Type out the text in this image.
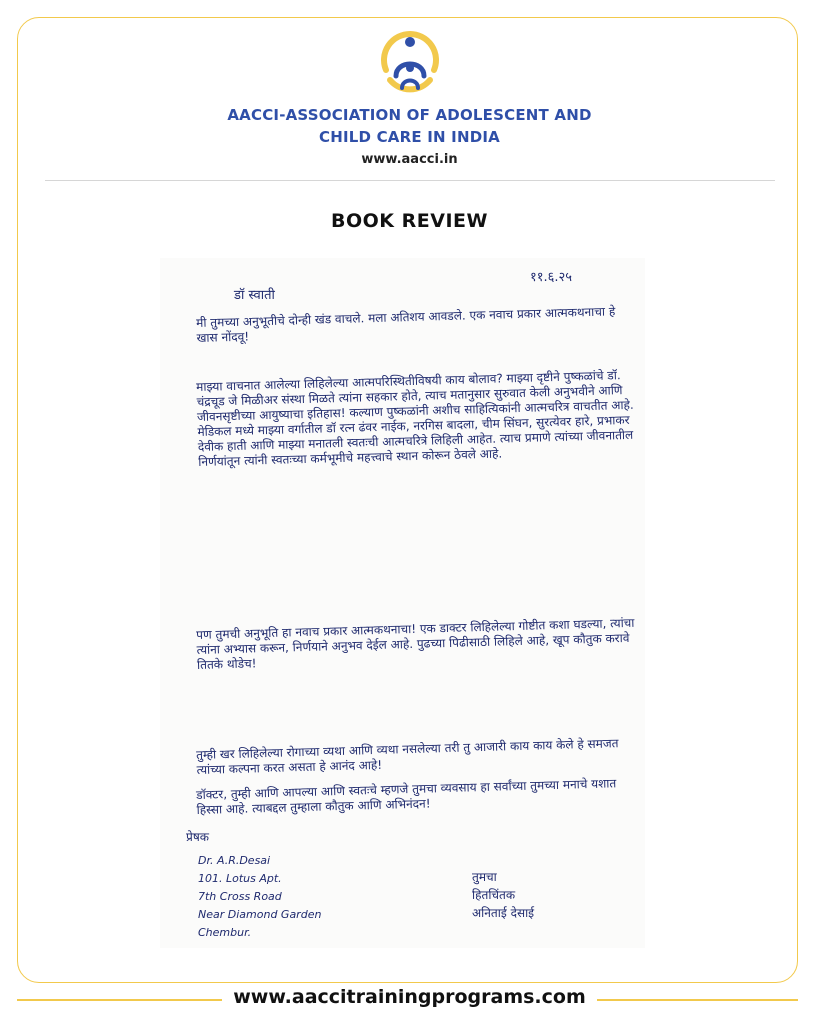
AACCI-ASSOCIATION OF ADOLESCENT AND
CHILD CARE IN INDIA
www.aacci.in
BOOK REVIEW
११.६.२५
डॉ स्वाती
मी तुमच्या अनुभूतीचे दोन्ही खंड वाचले. मला अतिशय आवडले. एक नवाच प्रकार आत्मकथनाचा हे खास नोंदवू!
माझ्या वाचनात आलेल्या लिहिलेल्या आत्मपरिस्थितीविषयी काय बोलाव? माझ्या दृष्टीने पुष्कळांचे डॉ. चंद्रचूड जे मिळीअर संस्था मिळते त्यांना सहकार होते, त्याच मतानुसार सुरुवात केली अनुभवीने आणि जीवनसृष्टीच्या आयुष्याचा इतिहास! कल्याण पुष्कळांनी अशीच साहित्यिकांनी आत्मचरित्र वाचतीत आहे. मेडिकल मध्ये माझ्या वर्गातील डॉ रत्न ढंवर नाईक, नरगिस बादला, चीम सिंघन, सुरत्येवर हारे, प्रभाकर देवीक हाती आणि माझ्या मनातली स्वतःची आत्मचरित्रे लिहिली आहेत. त्याच प्रमाणे त्यांच्या जीवनातील निर्णयांतून त्यांनी स्वतःच्या कर्मभूमीचे महत्त्वाचे स्थान कोरून ठेवले आहे.
पण तुमची अनुभूति हा नवाच प्रकार आत्मकथनाचा! एक डाक्टर लिहिलेल्या गोष्टीत कशा घडल्या, त्यांचा त्यांना अभ्यास करून, निर्णयाने अनुभव देईल आहे. पुढच्या पिढीसाठी लिहिले आहे, खूप कौतुक करावे तितके थोडेच!
तुम्ही खर लिहिलेल्या रोगाच्या व्यथा आणि व्यथा नसलेल्या तरी तु आजारी काय काय केले हे समजत त्यांच्या कल्पना करत असता हे आनंद आहे!
डॉक्टर, तुम्ही आणि आपल्या आणि स्वतःचे म्हणजे तुमचा व्यवसाय हा सर्वांच्या तुमच्या मनाचे यशात हिस्सा आहे. त्याबद्दल तुम्हाला कौतुक आणि अभिनंदन!
प्रेषक
Dr. A.R.Desai
101. Lotus Apt.
7th Cross Road
Near Diamond Garden
Chembur.
तुमचा
हितचिंतक
अनिताई देसाई
www.aaccitrainingprograms.com
